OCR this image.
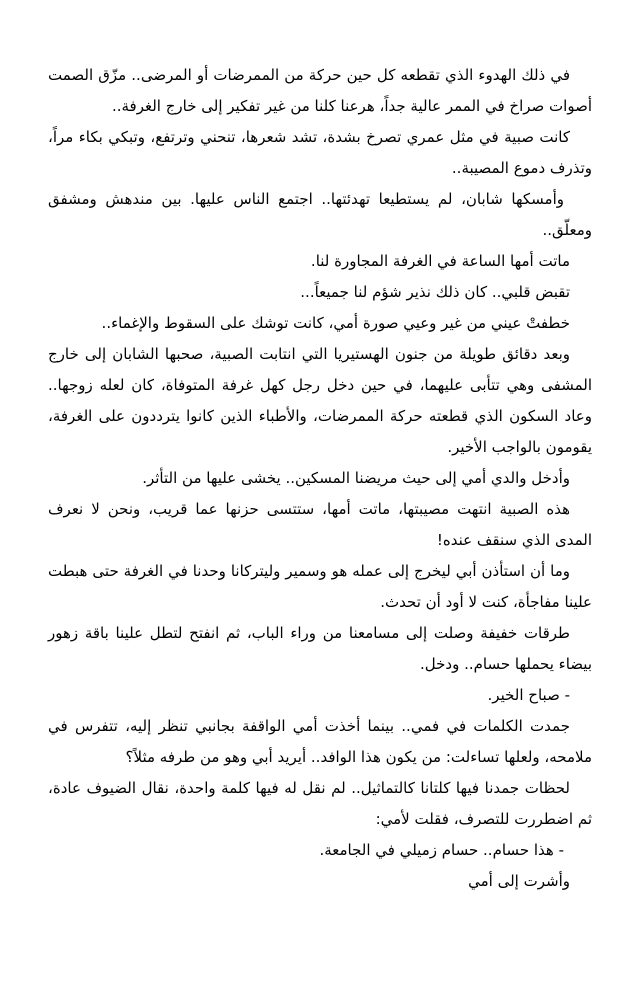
في ذلك الهدوء الذي تقطعه كل حين حركة من الممرضات أو المرضى.. مزّق الصمت أصوات صراخ في الممر عالية جداً، هرعنا كلنا من غير تفكير إلى خارج الغرفة..

كانت صبية في مثل عمري تصرخ بشدة، تشد شعرها، تنحني وترتفع، وتبكي بكاء مراً، وتذرف دموع المصيبة..

وأمسكها شابان، لم يستطيعا تهدئتها.. اجتمع الناس عليها. بين مندهش ومشفق ومعلّق..

ماتت أمها الساعة في الغرفة المجاورة لنا.

تقبض قلبي.. كان ذلك نذير شؤم لنا جميعاً...

خطفتْ عيني من غير وعيي صورة أمي، كانت توشك على السقوط والإغماء..

وبعد دقائق طويلة من جنون الهستيريا التي انتابت الصبية، صحبها الشابان إلى خارج المشفى وهي تتأبى عليهما، في حين دخل رجل كهل غرفة المتوفاة، كان لعله زوجها.. وعاد السكون الذي قطعته حركة الممرضات، والأطباء الذين كانوا يترددون على الغرفة، يقومون بالواجب الأخير.

وأدخل والدي أمي إلى حيث مريضنا المسكين.. يخشى عليها من التأثر.

هذه الصبية انتهت مصيبتها، ماتت أمها، ستتسى حزنها عما قريب، ونحن لا نعرف المدى الذي سنقف عنده!

وما أن استأذن أبي ليخرج إلى عمله هو وسمير وليتركانا وحدنا في الغرفة حتى هبطت علينا مفاجأة، كنت لا أود أن تحدث.

طرقات خفيفة وصلت إلى مسامعنا من وراء الباب، ثم انفتح لتطل علينا باقة زهور بيضاء يحملها حسام.. ودخل.

- صباح الخير.

جمدت الكلمات في فمي.. بينما أخذت أمي الواقفة بجانبي تنظر إليه، تتفرس في ملامحه، ولعلها تساءلت: من يكون هذا الوافد.. أيريد أبي وهو من طرفه مثلاً؟

لحظات جمدنا فيها كلتانا كالتماثيل.. لم نقل له فيها كلمة واحدة، نقال الضيوف عادة، ثم اضطررت للتصرف، فقلت لأمي:

- هذا حسام.. حسام زميلي في الجامعة.

وأشرت إلى أمي
